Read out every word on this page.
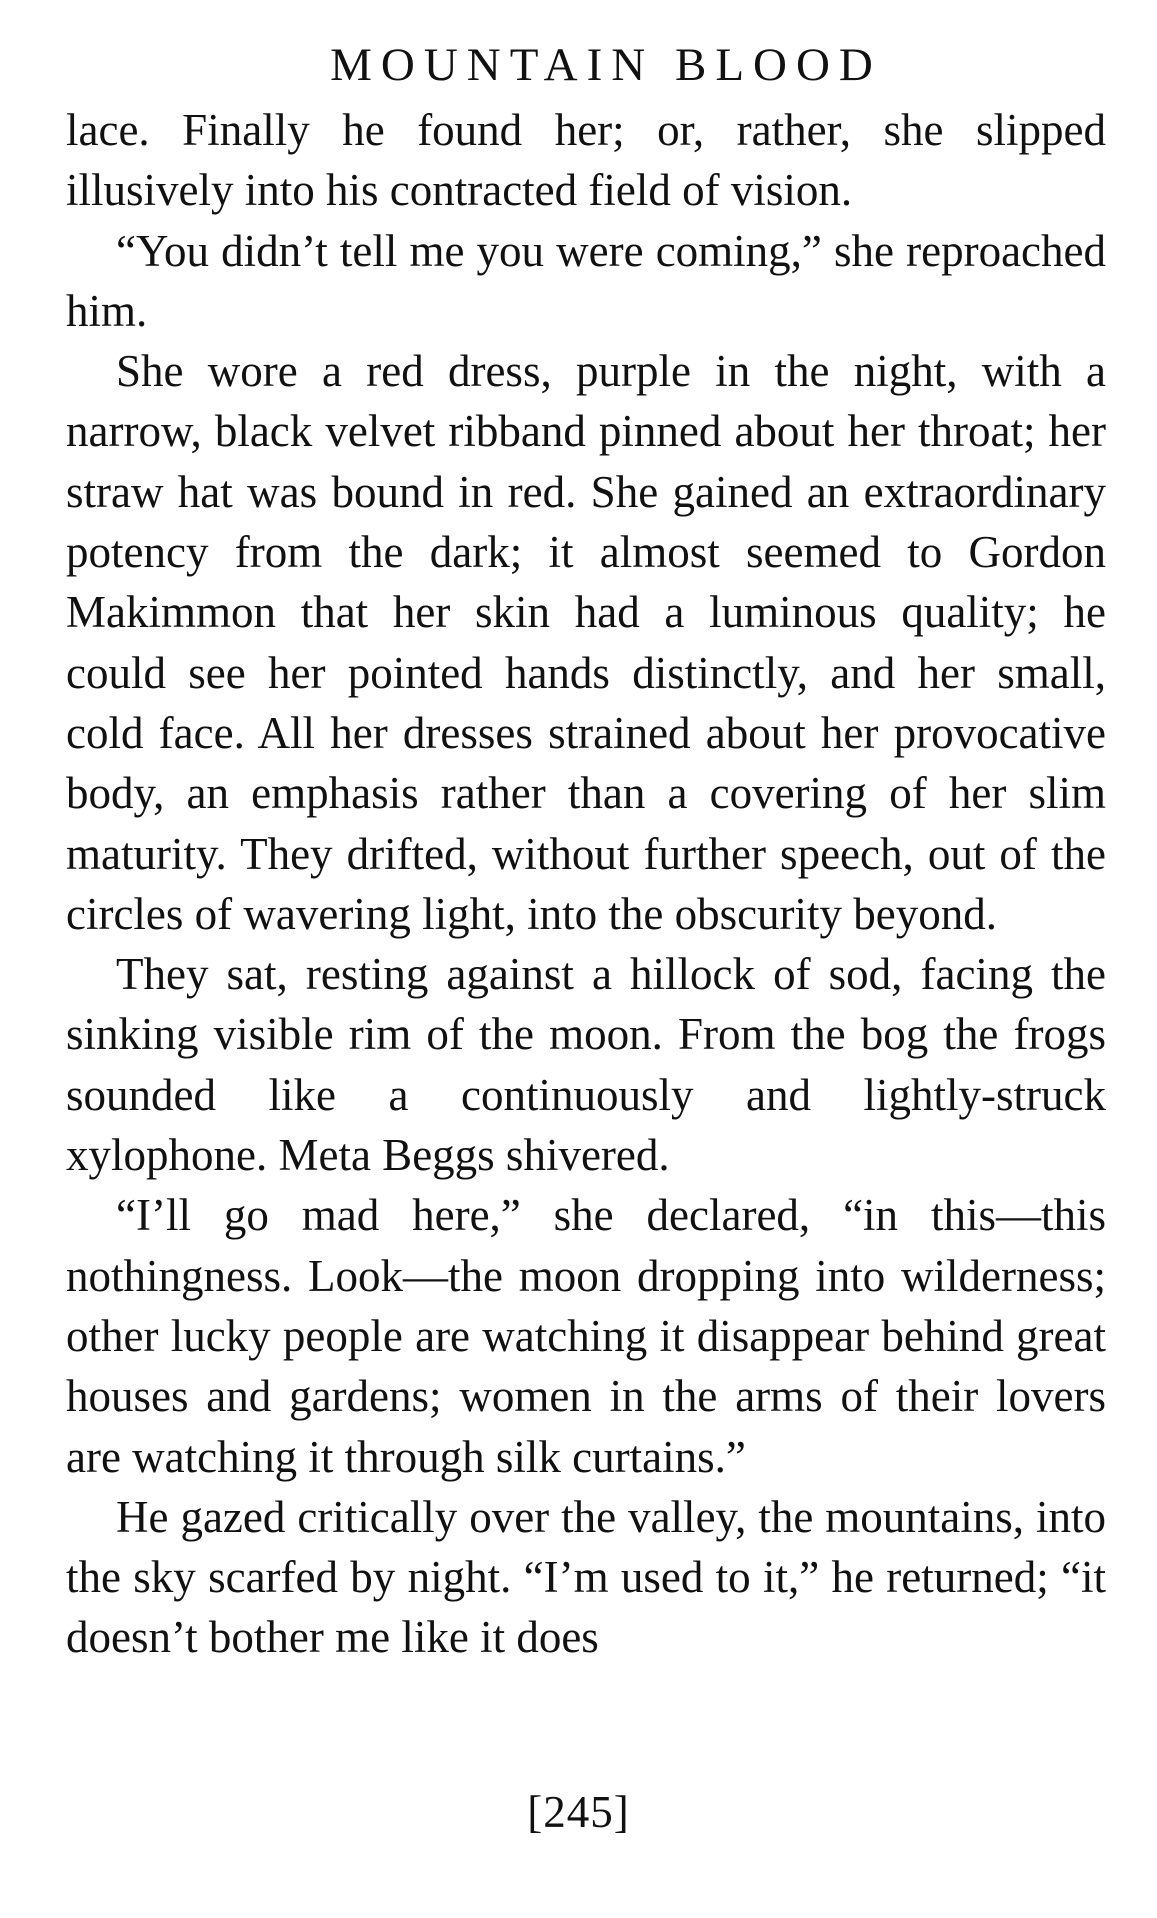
MOUNTAIN BLOOD

lace. Finally he found her; or, rather, she slipped illusively into his contracted field of vision.

“You didn’t tell me you were coming,” she reproached him.

She wore a red dress, purple in the night, with a narrow, black velvet ribband pinned about her throat; her straw hat was bound in red. She gained an extraordinary potency from the dark; it almost seemed to Gordon Makimmon that her skin had a luminous quality; he could see her pointed hands distinctly, and her small, cold face. All her dresses strained about her provocative body, an emphasis rather than a covering of her slim maturity. They drifted, without further speech, out of the circles of wavering light, into the obscurity beyond.

They sat, resting against a hillock of sod, facing the sinking visible rim of the moon. From the bog the frogs sounded like a continuously and lightly-struck xylophone. Meta Beggs shivered.

“I’ll go mad here,” she declared, “in this—this nothingness. Look—the moon dropping into wilderness; other lucky people are watching it disappear behind great houses and gardens; women in the arms of their lovers are watching it through silk curtains.”

He gazed critically over the valley, the mountains, into the sky scarfed by night. “I’m used to it,” he returned; “it doesn’t bother me like it does

[245]
